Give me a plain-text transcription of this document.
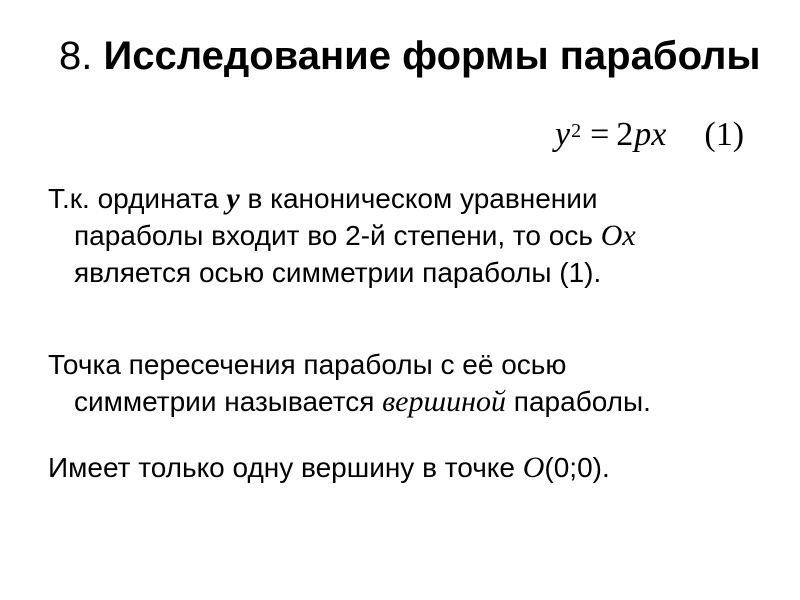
8. Исследование формы параболы
$y^2 = 2px$ (1)
Т.к. ордината y в каноническом уравнении
параболы входит во 2-й степени, то ось Ox
является осью симметрии параболы (1).
Точка пересечения параболы с её осью
симметрии называется вершиной параболы.
Имеет только одну вершину в точке O(0;0).
